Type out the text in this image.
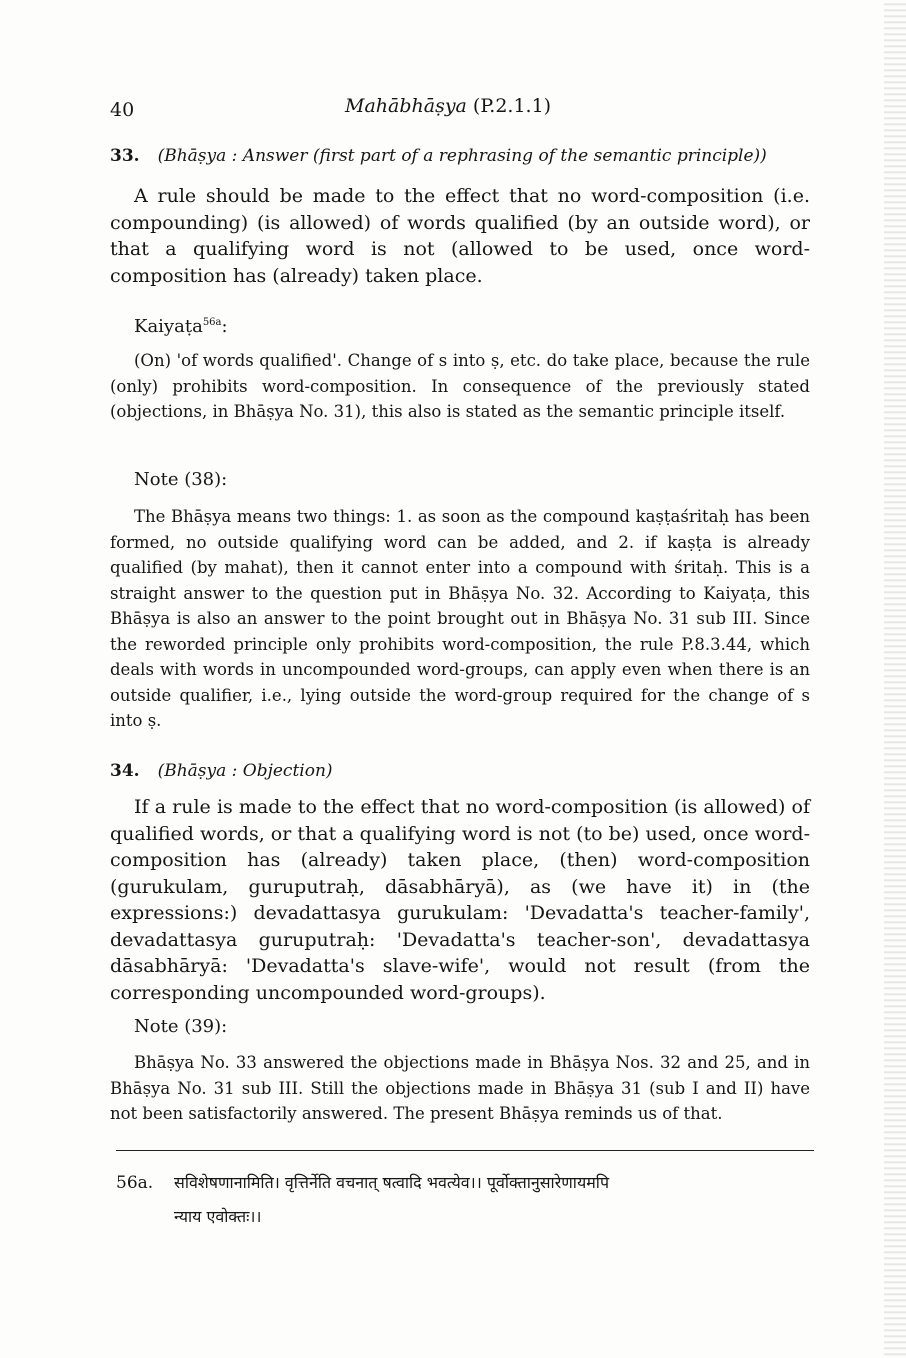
40	Mahābhāṣya (P.2.1.1)
33. (Bhāṣya : Answer (first part of a rephrasing of the semantic principle))

A rule should be made to the effect that no word-composition (i.e. compounding) (is allowed) of words qualified (by an outside word), or that a qualifying word is not (allowed to be used, once word-composition has (already) taken place.

Kaiyaṭa$^{56a}$:

(On) 'of words qualified'. Change of s into ṣ, etc. do take place, because the rule (only) prohibits word-composition. In consequence of the previously stated (objections, in Bhāṣya No. 31), this also is stated as the semantic principle itself.

Note (38):

The Bhāṣya means two things: 1. as soon as the compound kaṣṭaśritaḥ has been formed, no outside qualifying word can be added, and 2. if kaṣṭa is already qualified (by mahat), then it cannot enter into a compound with śritaḥ. This is a straight answer to the question put in Bhāṣya No. 32. According to Kaiyaṭa, this Bhāṣya is also an answer to the point brought out in Bhāṣya No. 31 sub III. Since the reworded principle only prohibits word-composition, the rule P.8.3.44, which deals with words in uncompounded word-groups, can apply even when there is an outside qualifier, i.e., lying outside the word-group required for the change of s into ṣ.

34. (Bhāṣya : Objection)

If a rule is made to the effect that no word-composition (is allowed) of qualified words, or that a qualifying word is not (to be) used, once word-composition has (already) taken place, (then) word-composition (gurukulam, guruputraḥ, dāsabhāryā), as (we have it) in (the expressions:) devadattasya gurukulam: 'Devadatta's teacher-family', devadattasya guruputraḥ: 'Devadatta's teacher-son', devadattasya dāsabhāryā: 'Devadatta's slave-wife', would not result (from the corresponding uncompounded word-groups).

Note (39):

Bhāṣya No. 33 answered the objections made in Bhāṣya Nos. 32 and 25, and in Bhāṣya No. 31 sub III. Still the objections made in Bhāṣya 31 (sub I and II) have not been satisfactorily answered. The present Bhāṣya reminds us of that.

56a. सविशेषणानामिति। वृत्तिर्नेति वचनात् षत्वादि भवत्येव।। पूर्वोक्तानुसारेणायमपि
न्याय एवोक्तः।।
